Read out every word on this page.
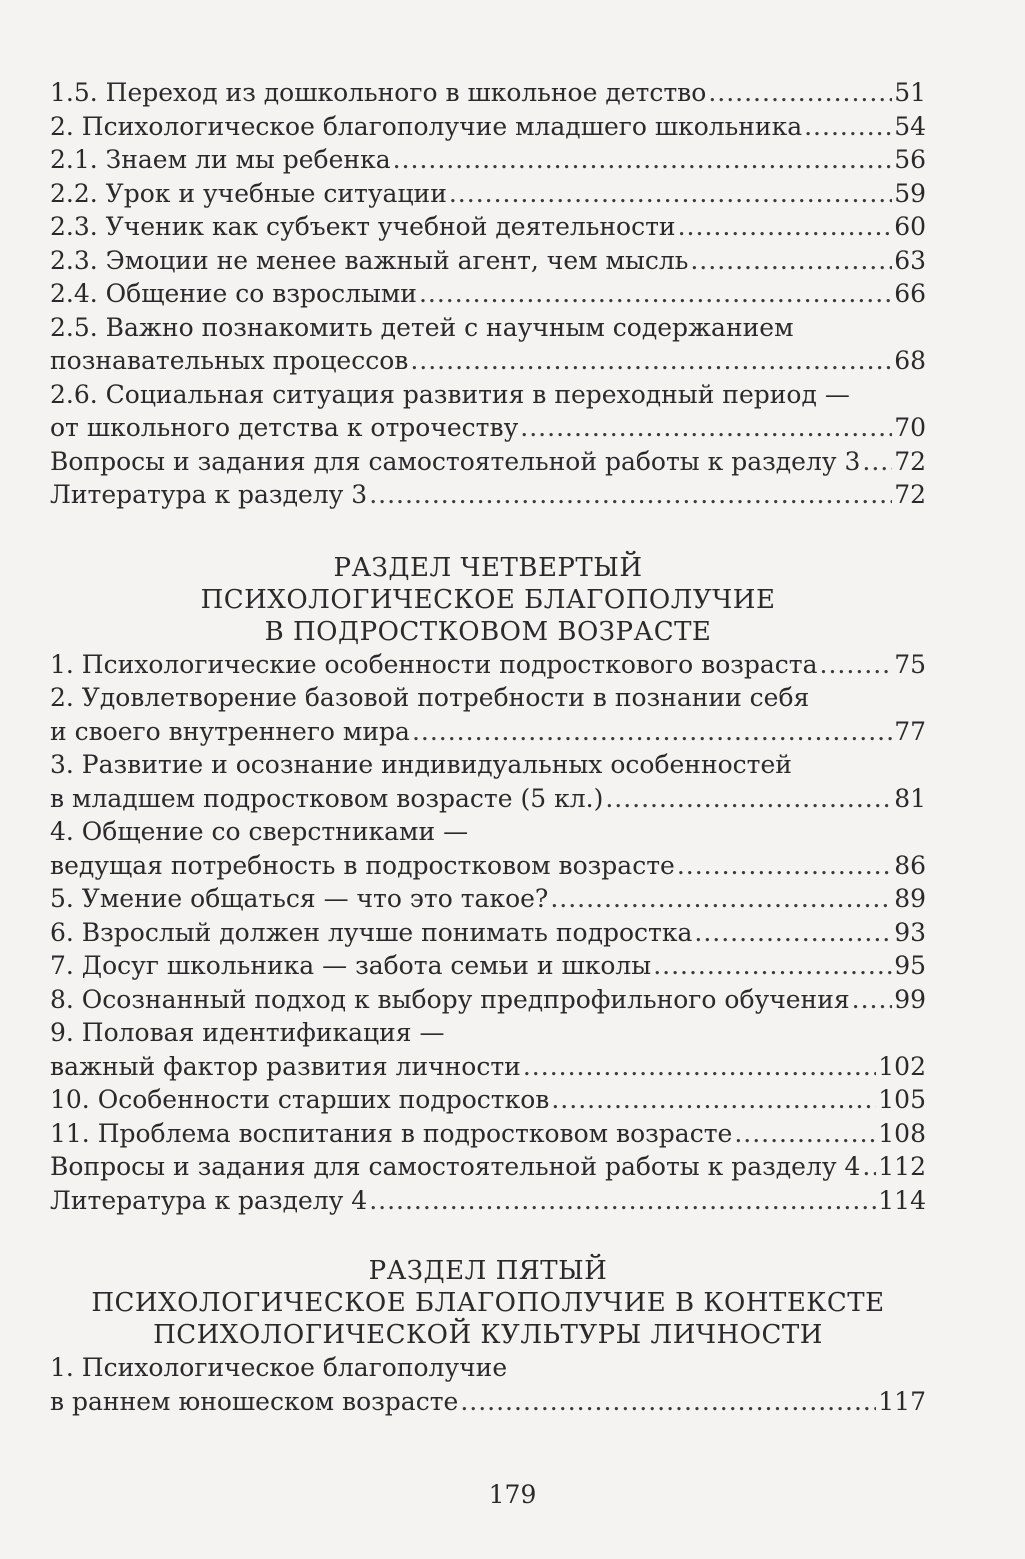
1.5. Переход из дошкольного в школьное детство .....	51
2. Психологическое благополучие младшего школьника .....	54
2.1. Знаем ли мы ребенка .....	56
2.2. Урок и учебные ситуации .....	59
2.3. Ученик как субъект учебной деятельности .....	60
2.3. Эмоции не менее важный агент, чем мысль .....	63
2.4. Общение со взрослыми .....	66
2.5. Важно познакомить детей с научным содержанием
познавательных процессов .....	68
2.6. Социальная ситуация развития в переходный период —
от школьного детства к отрочеству .....	70
Вопросы и задания для самостоятельной работы к разделу 3 ..... 72
Литература к разделу 3 .....	72
РАЗДЕЛ ЧЕТВЕРТЫЙ
ПСИХОЛОГИЧЕСКОЕ БЛАГОПОЛУЧИЕ
В ПОДРОСТКОВОМ ВОЗРАСТЕ
1. Психологические особенности подросткового возраста .....	75
2. Удовлетворение базовой потребности в познании себя
и своего внутреннего мира .....	77
3. Развитие и осознание индивидуальных особенностей
в младшем подростковом возрасте (5 кл.) .....	81
4. Общение со сверстниками —
ведущая потребность в подростковом возрасте .....	86
5. Умение общаться — что это такое? .....	89
6. Взрослый должен лучше понимать подростка .....	93
7. Досуг школьника — забота семьи и школы .....	95
8. Осознанный подход к выбору предпрофильного обучения ..... 99
9. Половая идентификация —
важный фактор развития личности .....	102
10. Особенности старших подростков .....	105
11. Проблема воспитания в подростковом возрасте .....	108
Вопросы и задания для самостоятельной работы к разделу 4 ..... 112
Литература к разделу 4 .....	114
РАЗДЕЛ ПЯТЫЙ
ПСИХОЛОГИЧЕСКОЕ БЛАГОПОЛУЧИЕ В КОНТЕКСТЕ
ПСИХОЛОГИЧЕСКОЙ КУЛЬТУРЫ ЛИЧНОСТИ
1. Психологическое благополучие
в раннем юношеском возрасте .....	117
179
